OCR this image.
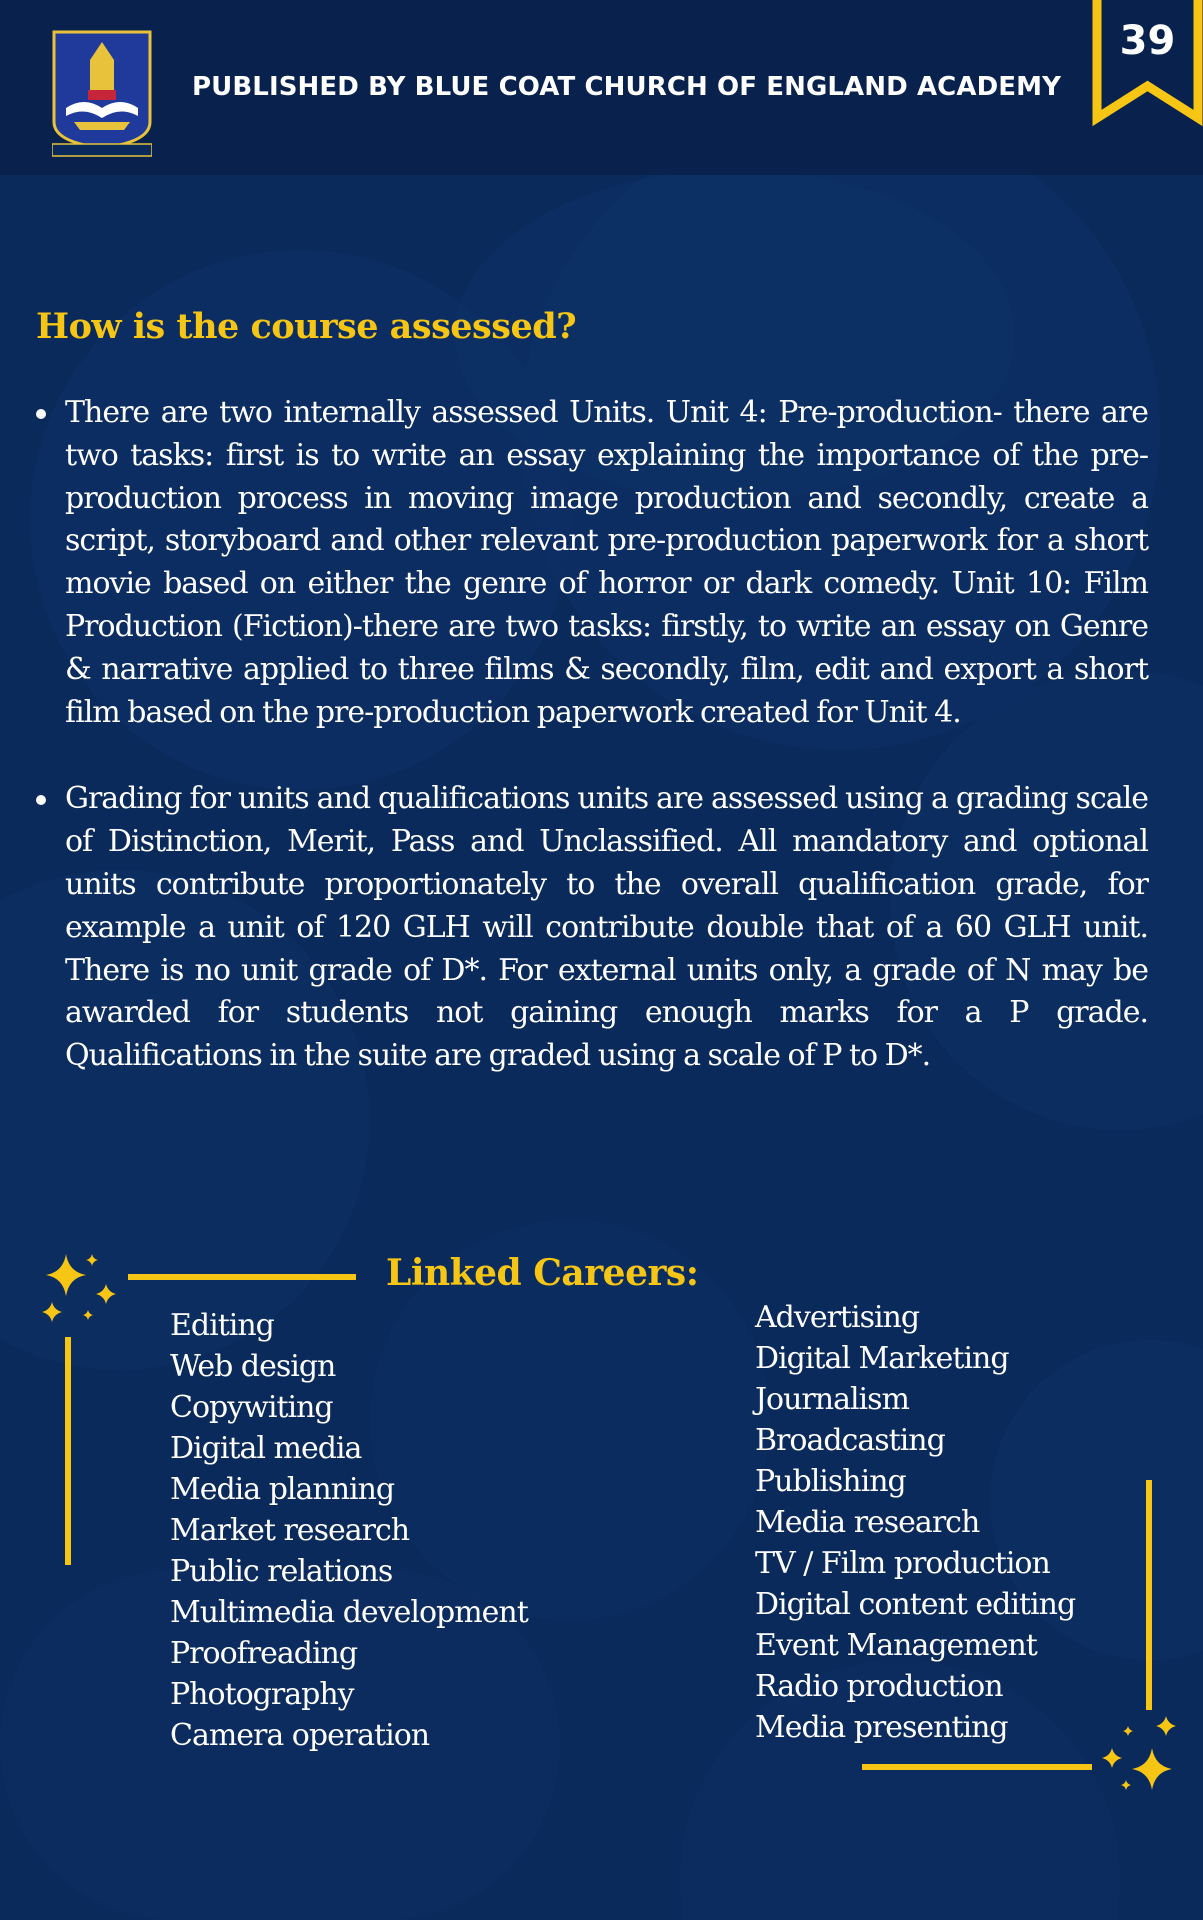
PUBLISHED BY BLUE COAT CHURCH OF ENGLAND ACADEMY
39
How is the course assessed?
There are two internally assessed Units. Unit 4: Pre-production- there are two tasks: first is to write an essay explaining the importance of the pre-production process in moving image production and secondly, create a script, storyboard and other relevant pre-production paperwork for a short movie based on either the genre of horror or dark comedy. Unit 10: Film Production (Fiction)-there are two tasks: firstly, to write an essay on Genre & narrative applied to three films & secondly, film, edit and export a short film based on the pre-production paperwork created for Unit 4.
Grading for units and qualifications units are assessed using a grading scale of Distinction, Merit, Pass and Unclassified. All mandatory and optional units contribute proportionately to the overall qualification grade, for example a unit of 120 GLH will contribute double that of a 60 GLH unit. There is no unit grade of D*. For external units only, a grade of N may be awarded for students not gaining enough marks for a P grade. Qualifications in the suite are graded using a scale of P to D*.
Linked Careers:
Editing
Web design
Copywiting
Digital media
Media planning
Market research
Public relations
Multimedia development
Proofreading
Photography
Camera operation
Advertising
Digital Marketing
Journalism
Broadcasting
Publishing
Media research
TV / Film production
Digital content editing
Event Management
Radio production
Media presenting
